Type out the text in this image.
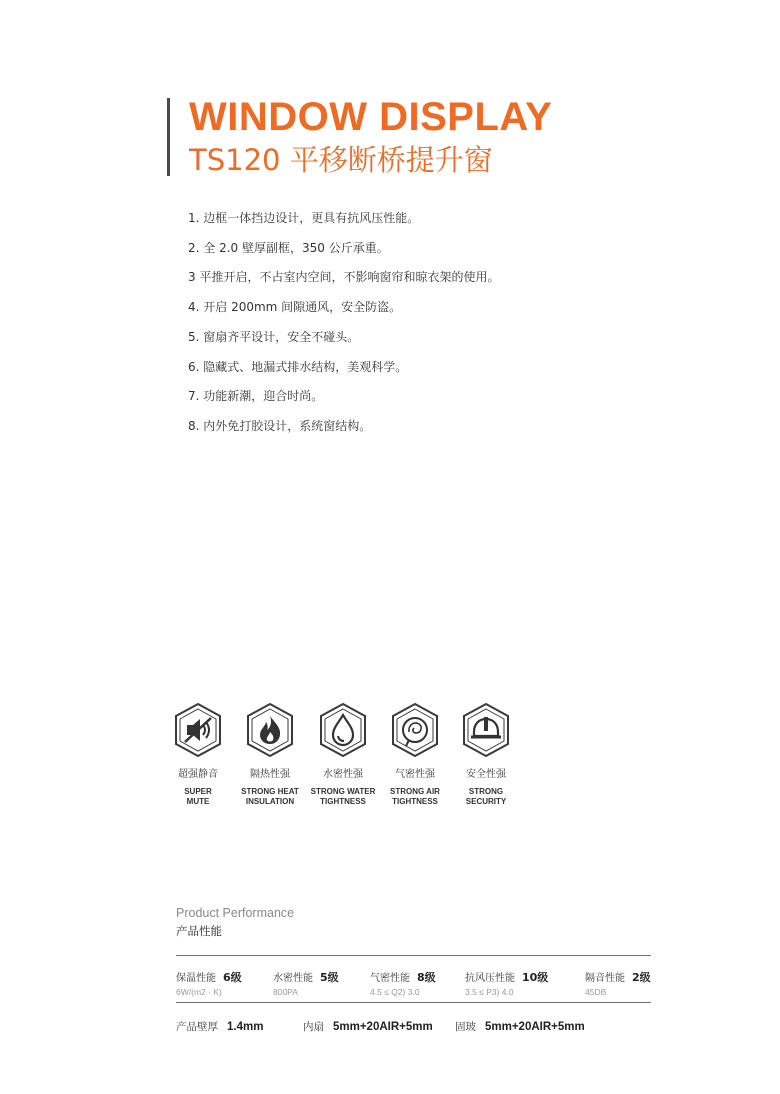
WINDOW DISPLAY
TS120 平移断桥提升窗
1. 边框一体挡边设计，更具有抗风压性能。
2. 全 2.0 壁厚副框，350 公斤承重。
3 平推开启，不占室内空间，不影响窗帘和晾衣架的使用。
4. 开启 200mm 间隙通风，安全防盗。
5. 窗扇齐平设计，安全不碰头。
6. 隐藏式、地漏式排水结构，美观科学。
7. 功能新潮，迎合时尚。
8. 内外免打胶设计，系统窗结构。
超强静音
SUPER
MUTE
隔热性强
STRONG HEAT
INSULATION
水密性强
STRONG WATER
TIGHTNESS
气密性强
STRONG AIR
TIGHTNESS
安全性强
STRONG
SECURITY
Product Performance
产品性能
保温性能 6级
6W/(m2 · K)
水密性能 5级
800PA
气密性能 8级
4.5 ≤ Q2) 3.0
抗风压性能 10级
3.5 ≤ P3) 4.0
隔音性能 2级
45DB
产品壁厚 1.4mm	内扇 5mm+20AIR+5mm 固玻 5mm+20AIR+5mm
